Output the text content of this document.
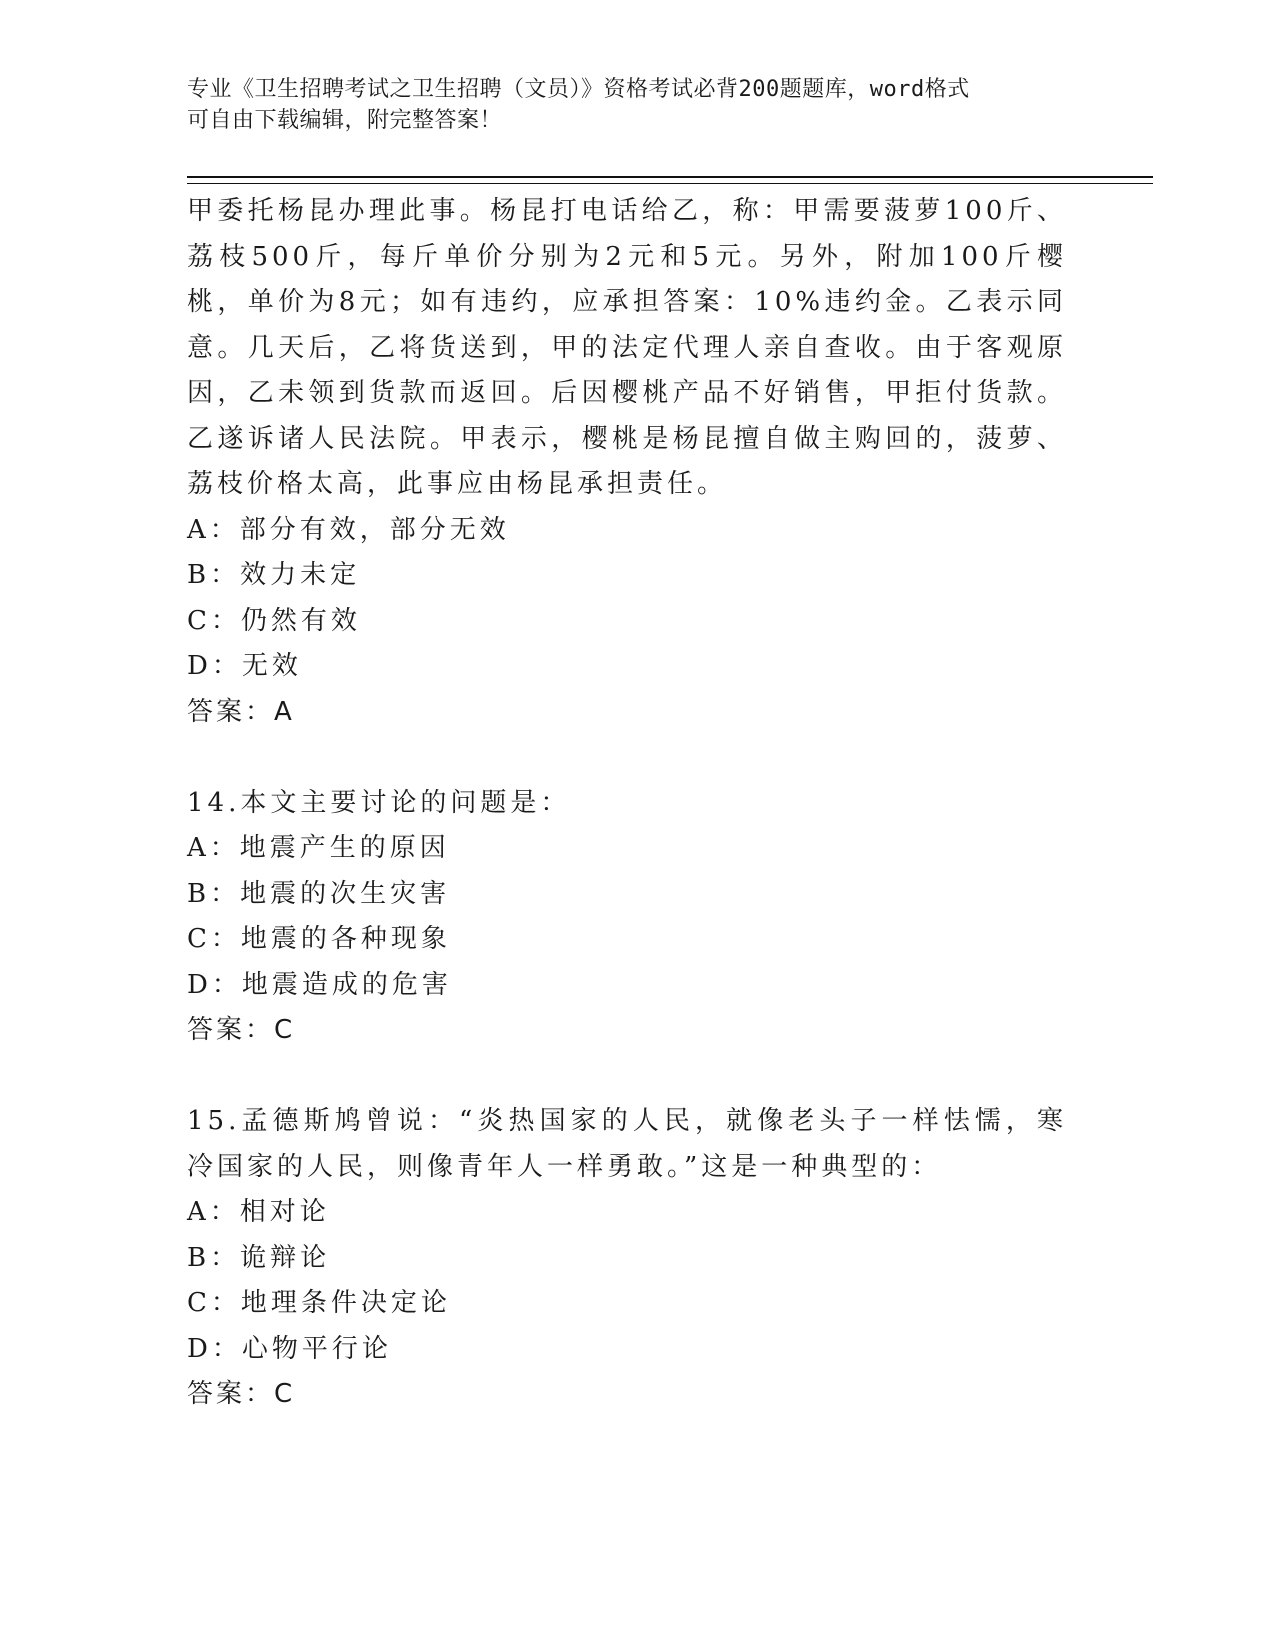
专业《卫生招聘考试之卫生招聘（文员）》资格考试必背200题题库，word格式
可自由下载编辑，附完整答案！

甲委托杨昆办理此事。杨昆打电话给乙，称：甲需要菠萝100斤、荔枝500斤，每斤单价分别为2元和5元。另外，附加100斤樱桃，单价为8元；如有违约，应承担答案：10%违约金。乙表示同意。几天后，乙将货送到，甲的法定代理人亲自查收。由于客观原因，乙未领到货款而返回。后因樱桃产品不好销售，甲拒付货款。乙遂诉诸人民法院。甲表示，樱桃是杨昆擅自做主购回的，菠萝、荔枝价格太高，此事应由杨昆承担责任。

A：部分有效，部分无效

B：效力未定

C：仍然有效

D：无效

答案：A

14.本文主要讨论的问题是：

A：地震产生的原因

B：地震的次生灾害

C：地震的各种现象

D：地震造成的危害

答案：C

15.孟德斯鸠曾说：“炎热国家的人民，就像老头子一样怯懦，寒冷国家的人民，则像青年人一样勇敢。”这是一种典型的：

A：相对论

B：诡辩论

C：地理条件决定论

D：心物平行论

答案：C
